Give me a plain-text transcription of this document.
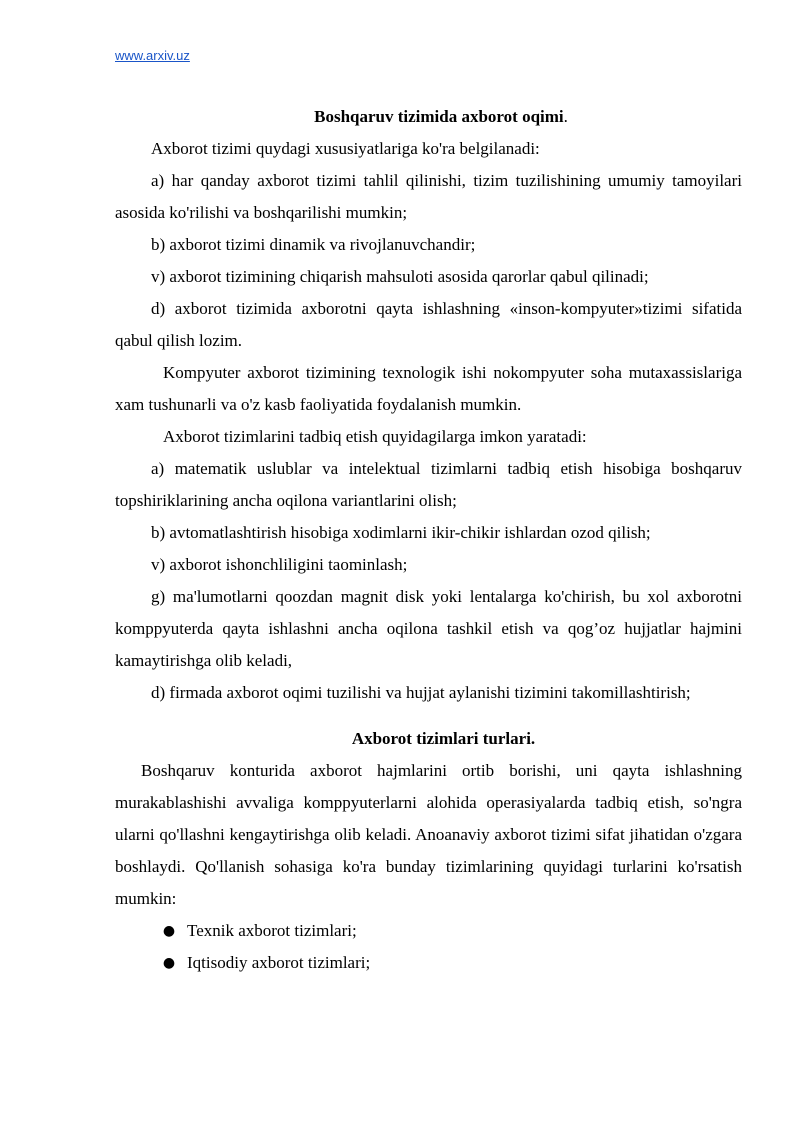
www.arxiv.uz

Boshqaruv tizimida axborot oqimi.

Axborot tizimi quydagi xususiyatlariga ko'ra belgilanadi:

a) har qanday axborot tizimi tahlil qilinishi, tizim tuzilishining umumiy tamoyilari asosida ko'rilishi va boshqarilishi mumkin;

b) axborot tizimi dinamik va rivojlanuvchandir;

v) axborot tizimining chiqarish mahsuloti asosida qarorlar qabul qilinadi;

d) axborot tizimida axborotni qayta ishlashning «inson-kompyuter»tizimi sifatida qabul qilish lozim.

Kompyuter axborot tizimining texnologik ishi nokompyuter soha mutaxassislariga xam tushunarli va o'z kasb faoliyatida foydalanish mumkin.

Axborot tizimlarini tadbiq etish quyidagilarga imkon yaratadi:

a) matematik uslublar va intelektual tizimlarni tadbiq etish hisobiga boshqaruv topshiriklarining ancha oqilona variantlarini olish;

b) avtomatlashtirish hisobiga xodimlarni ikir-chikir ishlardan ozod qilish;

v) axborot ishonchliligini taominlash;

g) ma'lumotlarni qoozdan magnit disk yoki lentalarga ko'chirish, bu xol axborotni komppyuterda qayta ishlashni ancha oqilona tashkil etish va qog’oz hujjatlar hajmini kamaytirishga olib keladi,

d) firmada axborot oqimi tuzilishi va hujjat aylanishi tizimini takomillashtirish;

Axborot tizimlari turlari.

Boshqaruv konturida axborot hajmlarini ortib borishi, uni qayta ishlashning murakablashishi avvaliga komppyuterlarni alohida operasiyalarda tadbiq etish, so'ngra ularni qo'llashni kengaytirishga olib keladi. Anoanaviy axborot tizimi sifat jihatidan o'zgara boshlaydi. Qo'llanish sohasiga ko'ra bunday tizimlarining quyidagi turlarini ko'rsatish mumkin:

● Texnik axborot tizimlari;
● Iqtisodiy axborot tizimlari;
